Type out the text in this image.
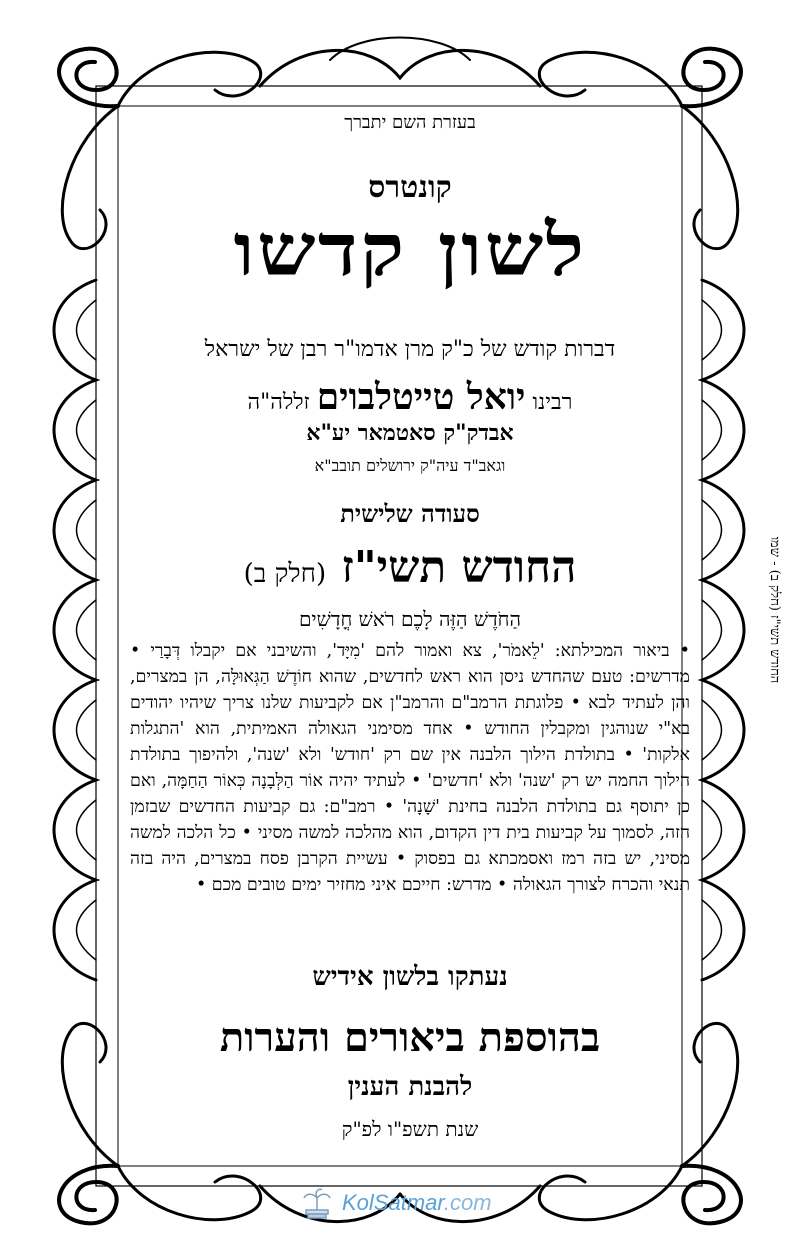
בעזרת השם יתברך
קונטרס
לשון קדשו
דברות קודש של כ"ק מרן אדמו"ר רבן של ישראל
רבינו יואל טייטלבוים זללה"ה
אבדק"ק סאטמאר יע"א
וגאב"ד עיה"ק ירושלים תובב"א
סעודה שלישית
החודש תשי"ז (חלק ב)
הַחֹדֶשׁ הַזֶּה לָכֶם רֹאשׁ חֳדָשִׁים
• ביאור המכילתא: 'לֵאמֹר', צא ואמור להם 'מִיָּד', והשיבני אם יקבלו דְּבָרַי • מדרשים: טעם שהחדש ניסן הוא ראש לחדשים, שהוא חוֹדֶשׁ הַגְּאוּלָּה, הן במצרים, והן לעתיד לבא • פלוגתת הרמב"ם והרמב"ן אם לקביעות שלנו צריך שיהיו יהודים בא"י שנוהגין ומקבלין החודש • אחד מסימני הגאולה האמיתית, הוא 'התגלות אלקות' • בתולדת הילוך הלבנה אין שם רק 'חודש' ולא 'שנה', ולהיפוך בתולדת הילוך החמה יש רק 'שנה' ולא 'חדשים' • לעתיד יהיה אוֹר הַלְּבָנָה כְּאוֹר הַחַמָּה, ואם כן יתוסף גם בתולדת הלבנה בחינת 'שָׁנָה' • רמב"ם: גם קביעות החדשים שבזמן הזה, לסמוך על קביעות בית דין הקדום, הוא מהלכה למשה מסיני • כל הלכה למשה מסיני, יש בזה רמז ואסמכתא גם בפסוק • עשיית הקרבן פסח במצרים, היה בזה תנאי והכרח לצורך הגאולה • מדרש: חייכם איני מחזיר ימים טובים מכם •
נעתקו בלשון אידיש
בהוספת ביאורים והערות
להבנת הענין
שנת תשפ"ו לפ"ק
KolSatmar.com
החודש תשי"ז (חלק ב) - שמו
